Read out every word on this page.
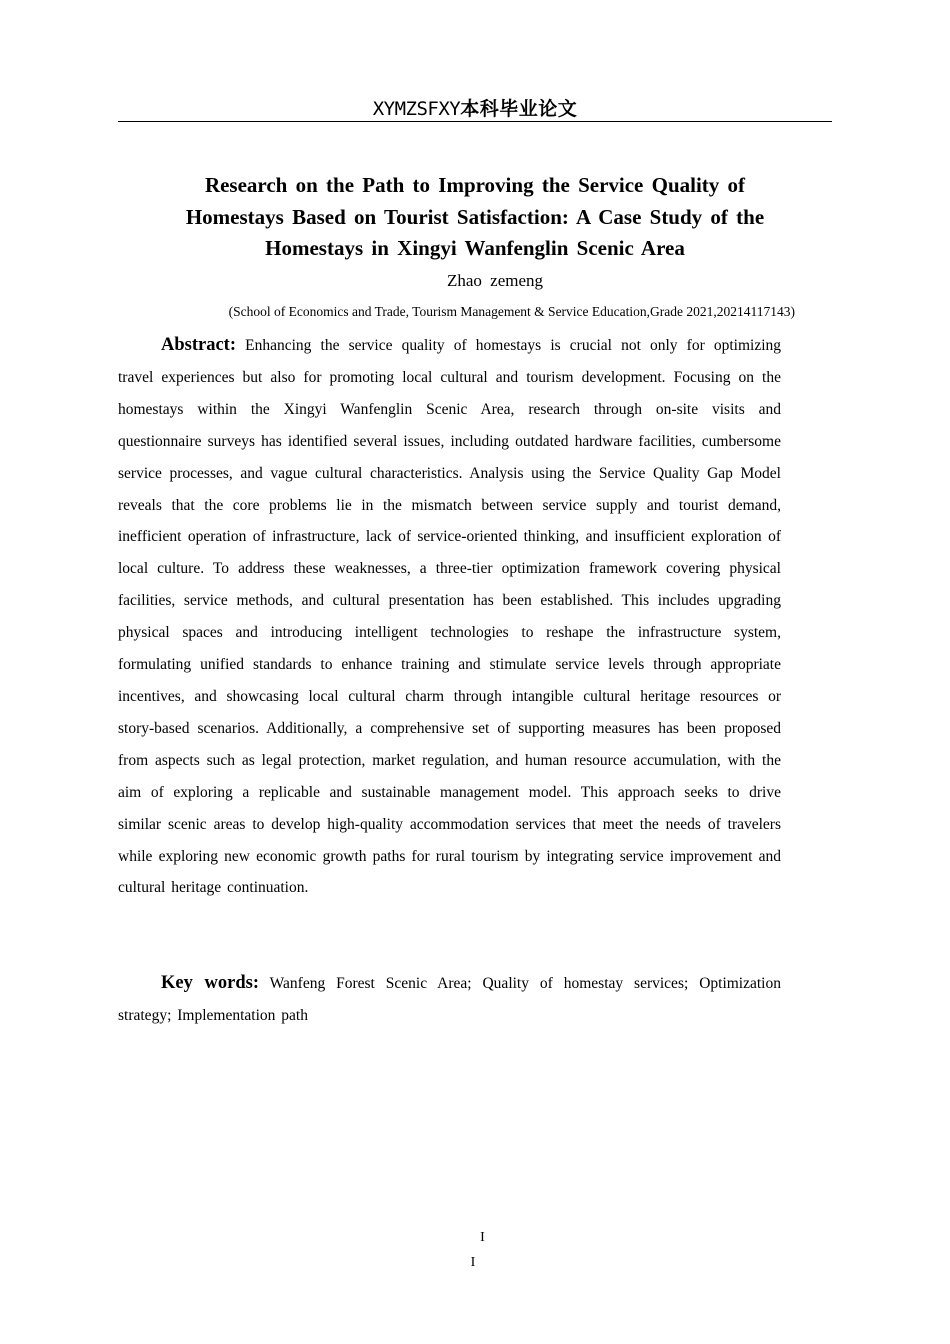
XYMZSFXY本科毕业论文
Research on the Path to Improving the Service Quality of
Homestays Based on Tourist Satisfaction: A Case Study of the
Homestays in Xingyi Wanfenglin Scenic Area
Zhao zemeng
(School of Economics and Trade, Tourism Management & Service Education,Grade 2021,20214117143)
Abstract: Enhancing the service quality of homestays is crucial not only for optimizing travel experiences but also for promoting local cultural and tourism development. Focusing on the homestays within the Xingyi Wanfenglin Scenic Area, research through on-site visits and questionnaire surveys has identified several issues, including outdated hardware facilities, cumbersome service processes, and vague cultural characteristics. Analysis using the Service Quality Gap Model reveals that the core problems lie in the mismatch between service supply and tourist demand, inefficient operation of infrastructure, lack of service-oriented thinking, and insufficient exploration of local culture. To address these weaknesses, a three-tier optimization framework covering physical facilities, service methods, and cultural presentation has been established. This includes upgrading physical spaces and introducing intelligent technologies to reshape the infrastructure system, formulating unified standards to enhance training and stimulate service levels through appropriate incentives, and showcasing local cultural charm through intangible cultural heritage resources or story-based scenarios. Additionally, a comprehensive set of supporting measures has been proposed from aspects such as legal protection, market regulation, and human resource accumulation, with the aim of exploring a replicable and sustainable management model. This approach seeks to drive similar scenic areas to develop high-quality accommodation services that meet the needs of travelers while exploring new economic growth paths for rural tourism by integrating service improvement and cultural heritage continuation.
Key words: Wanfeng Forest Scenic Area; Quality of homestay services; Optimization strategy; Implementation path
I
I
